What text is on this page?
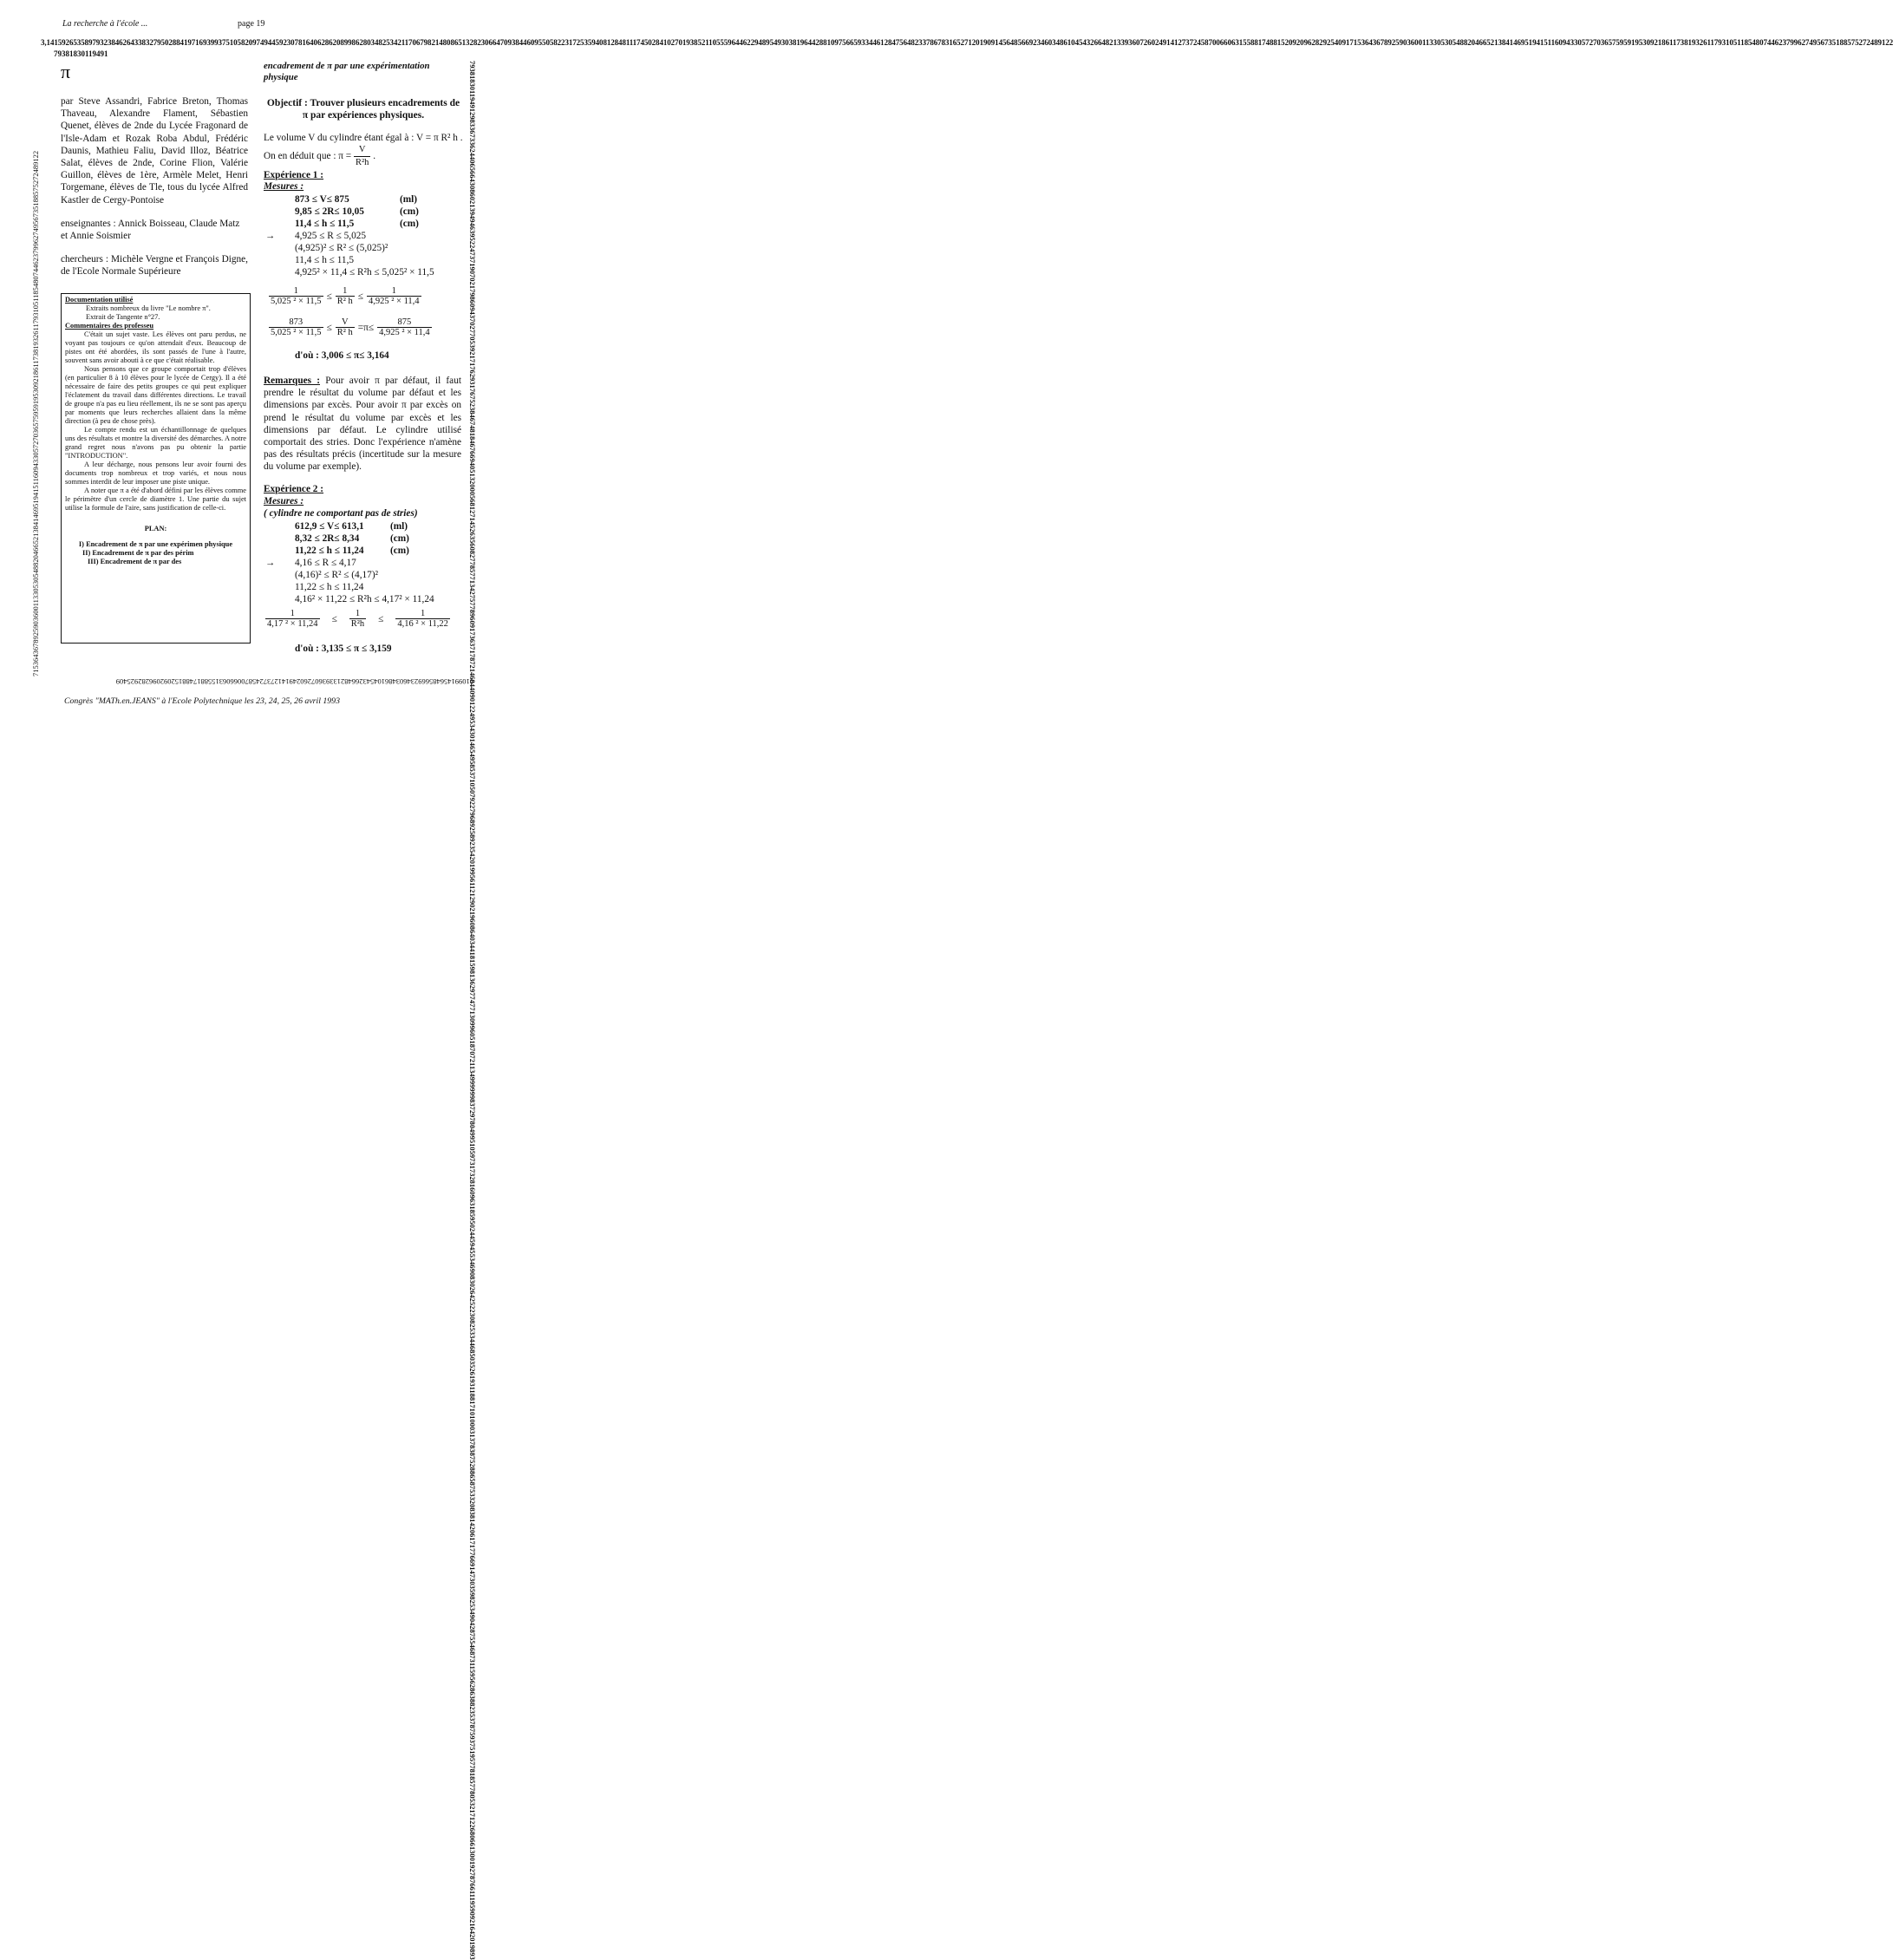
La recherche à l'école ...	page 19
3,14159265358979323846264338327950288419716939937510582097494459230781640628620899862803482534211706798214808651328230664709384460955058223172535940812848111745028410270193852110555964462294895493038196442881097566593344612847564823378678316527120190914564856692346034861045432664821339360726024914127372458700660631558817488152092096282925409171536436789259036001133053054882046652138414695194151160943305727036575959195309218611738193261179310511854807446237996274956735188575272489122
79381830119491
793818301194912983367336244065664308602139494639522473719070217986094370277053921717629317675238467481846766940513200056812714526356082778577134275778960917363717872146844090122495343014654958537105079227968925892354201995611212902196086403441815981362977477130996051870721134999999837297804995105973173281609631859502445945534690830264252230825334468503526193118817101000313783875288658753320838142061717766914730359825349042875546873115956286388235378759375195778185778053217122680661300192787661119590921642019893
71536436789259036001133053054882046652138414695194151160943305727036575959195309218611738193261179310511854807446237996274956735188575272489122
0109914564856692346034861045432664821339360726024914127372458700660631558817488152092096282925409
π
par Steve Assandri, Fabrice Breton, Thomas Thaveau, Alexandre Flament, Sébastien Quenet, élèves de 2nde du Lycée Fragonard de l'Isle-Adam et Rozak Roba Abdul, Frédéric Daunis, Mathieu Faliu, David Illoz, Béatrice Salat, élèves de 2nde, Corine Flion, Valérie Guillon, élèves de 1ère, Armèle Melet, Henri Torgemane, élèves de Tle, tous du lycée Alfred Kastler de Cergy-Pontoise
enseignantes : Annick Boisseau, Claude Matz et Annie Soismier
chercheurs : Michèle Vergne et François Digne, de l'Ecole Normale Supérieure
Documentation utilisé
Extraits nombreux du livre "Le nombre π".
Extrait de Tangente n°27.
Commentaires des professeu

C'était un sujet vaste. Les élèves ont paru perdus, ne voyant pas toujours ce qu'on attendait d'eux. Beaucoup de pistes ont été abordées, ils sont passés de l'une à l'autre, souvent sans avoir abouti à ce que c'était réalisable.

Nous pensons que ce groupe comportait trop d'élèves (en particulier 8 à 10 élèves pour le lycée de Cergy). Il a été nécessaire de faire des petits groupes ce qui peut expliquer l'éclatement du travail dans différentes directions. Le travail de groupe n'a pas eu lieu réellement, ils ne se sont pas aperçu par moments que leurs recherches allaient dans la même direction (à peu de chose près).

Le compte rendu est un échantillonnage de quelques uns des résultats et montre la diversité des démarches. A notre grand regret nous n'avons pas pu obtenir la partie "INTRODUCTION".

A leur décharge, nous pensons leur avoir fourni des documents trop nombreux et trop variés, et nous nous sommes interdit de leur imposer une piste unique.

A noter que π a été d'abord défini par les élèves comme le périmètre d'un cercle de diamètre 1. Une partie du sujet utilise la formule de l'aire, sans justification de celle-ci.

PLAN:

I) Encadrement de π par une expérimen physique

II) Encadrement de π par des périm

III) Encadrement de π par des

encadrement de π par une expérimentation physique
Objectif : Trouver plusieurs encadrements de π par expériences physiques.
Le volume V du cylindre étant égal à : V = π R² h . On en déduit que : $\pi = \frac{V}{\text{R²h}}$ .
Expérience 1 :
Mesures :
873 ≤ V≤ 875	(ml)
9,85 ≤ 2R≤ 10,05	(cm)
11,4 ≤ h ≤ 11,5	(cm)
→ 4,925 ≤ R ≤ 5,025
(4,925)² ≤ R² ≤ (5,025)²
11,4 ≤ h ≤ 11,5
4,925² × 11,4 ≤ R²h ≤ 5,025² × 11,5
$\frac{1}{\text{5,025 ² × 11,5}} \le \frac{1}{\text{R² h}} \le \frac{1}{\text{4,925 ² × 11,4}}$
$\frac{873}{\text{5,025 ² × 11,5}} \le \frac{V}{\text{R² h}} =\pi\le \frac{875}{\text{4,925 ² × 11,4}}$
d'où : 3,006 ≤ π≤ 3,164
Remarques : Pour avoir π par défaut, il faut prendre le résultat du volume par défaut et les dimensions par excès. Pour avoir π par excès on prend le résultat du volume par excès et les dimensions par défaut. Le cylindre utilisé comportait des stries. Donc l'expérience n'amène pas des résultats précis (incertitude sur la mesure du volume par exemple).
Expérience 2 :
Mesures :
( cylindre ne comportant pas de stries)
612,9 ≤ V≤ 613,1	(ml)
8,32 ≤ 2R≤ 8,34	(cm)
11,22 ≤ h ≤ 11,24	(cm)
→ 4,16 ≤ R ≤ 4,17
(4,16)² ≤ R² ≤ (4,17)²
11,22 ≤ h ≤ 11,24
4,16² × 11,22 ≤ R²h ≤ 4,17² × 11,24
$\frac{1}{\text{4,17 ² × 11,24}} \le \frac{1}{\text{R²h}} \le \frac{1}{\text{4,16 ² × 11,22}}$
d'où : 3,135 ≤ π ≤ 3,159
Congrès "MATh.en.JEANS" à l'Ecole Polytechnique les 23, 24, 25, 26 avril 1993
